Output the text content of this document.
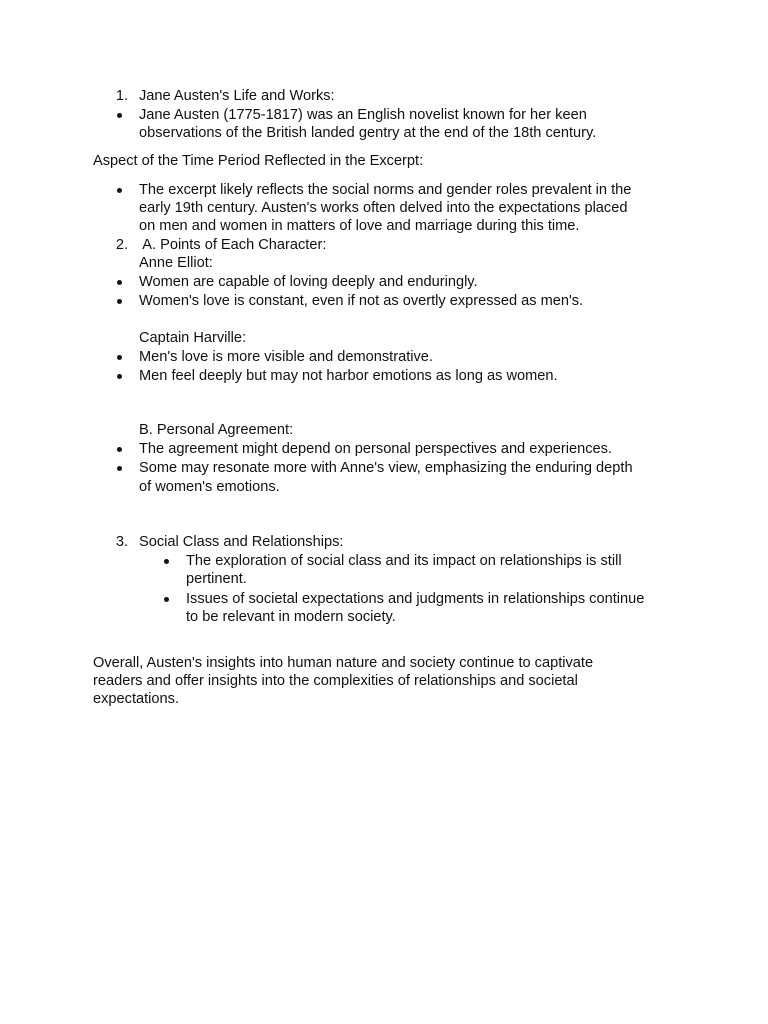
1. Jane Austen's Life and Works:
Jane Austen (1775-1817) was an English novelist known for her keen
observations of the British landed gentry at the end of the 18th century.
Aspect of the Time Period Reflected in the Excerpt:
The excerpt likely reflects the social norms and gender roles prevalent in the
early 19th century. Austen's works often delved into the expectations placed
on men and women in matters of love and marriage during this time.
2. A. Points of Each Character:
Anne Elliot:
Women are capable of loving deeply and enduringly.
Women's love is constant, even if not as overtly expressed as men's.
Captain Harville:
Men's love is more visible and demonstrative.
Men feel deeply but may not harbor emotions as long as women.
B. Personal Agreement:
The agreement might depend on personal perspectives and experiences.
Some may resonate more with Anne's view, emphasizing the enduring depth
of women's emotions.
3. Social Class and Relationships:
The exploration of social class and its impact on relationships is still
pertinent.
Issues of societal expectations and judgments in relationships continue
to be relevant in modern society.
Overall, Austen's insights into human nature and society continue to captivate
readers and offer insights into the complexities of relationships and societal
expectations.
